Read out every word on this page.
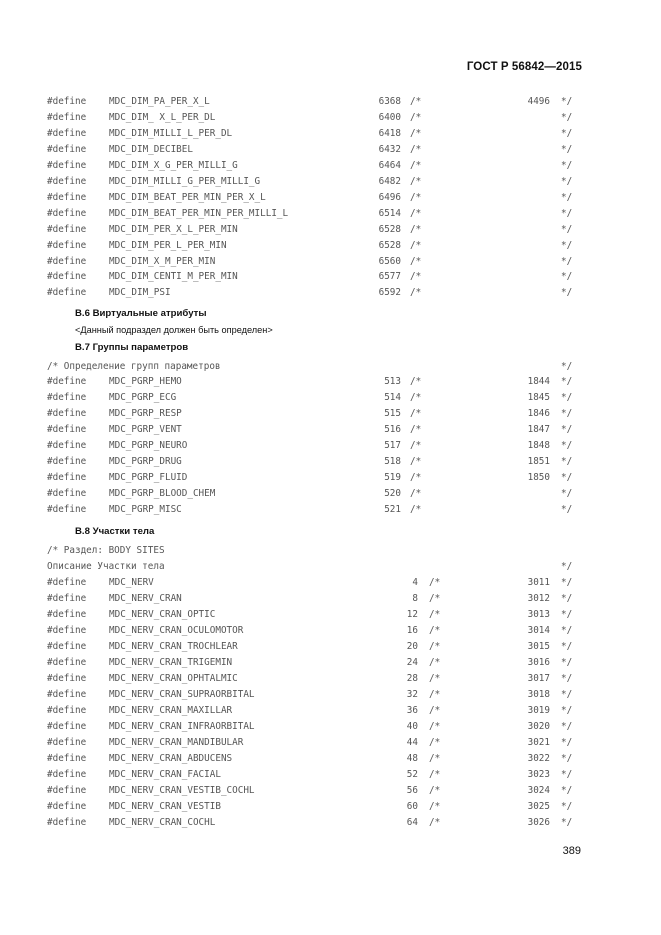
ГОСТ Р 56842—2015
#define MDC_DIM_PA_PER_X_L	6368 /*	4496 */
#define MDC_DIM_ X_L_PER_DL	6400 /*	*/
#define MDC_DIM_MILLI_L_PER_DL	6418 /*	*/
#define MDC_DIM_DECIBEL	6432 /*	*/
#define MDC_DIM_X_G_PER_MILLI_G	6464 /*	*/
#define MDC_DIM_MILLI_G_PER_MILLI_G	6482 /*	*/
#define MDC_DIM_BEAT_PER_MIN_PER_X_L	6496 /*	*/
#define MDC_DIM_BEAT_PER_MIN_PER_MILLI_L	6514 /*	*/
#define MDC_DIM_PER_X_L_PER_MIN	6528 /*	*/
#define MDC_DIM_PER_L_PER_MIN	6528 /*	*/
#define MDC_DIM_X_M_PER_MIN	6560 /*	*/
#define MDC_DIM_CENTI_M_PER_MIN	6577 /*	*/
#define MDC_DIM_PSI	6592 /*	*/
В.6 Виртуальные атрибуты
<Данный подраздел должен быть определен>
В.7 Группы параметров
/* Определение групп параметров	*/
#define MDC_PGRP_HEMO	513 /*	1844 */
#define MDC_PGRP_ECG	514 /*	1845 */
#define MDC_PGRP_RESP	515 /*	1846 */
#define MDC_PGRP_VENT	516 /*	1847 */
#define MDC_PGRP_NEURO	517 /*	1848 */
#define MDC_PGRP_DRUG	518 /*	1851 */
#define MDC_PGRP_FLUID	519 /*	1850 */
#define MDC_PGRP_BLOOD_CHEM	520 /*	*/
#define MDC_PGRP_MISC	521 /*	*/
В.8 Участки тела
/* Раздел: BODY SITES
Описание Участки тела	*/
#define MDC_NERV	4 /*	3011 */
#define MDC_NERV_CRAN	8 /*	3012 */
#define MDC_NERV_CRAN_OPTIC	12 /*	3013 */
#define MDC_NERV_CRAN_OCULOMOTOR	16 /*	3014 */
#define MDC_NERV_CRAN_TROCHLEAR	20 /*	3015 */
#define MDC_NERV_CRAN_TRIGEMIN	24 /*	3016 */
#define MDC_NERV_CRAN_OPHTALMIC	28 /*	3017 */
#define MDC_NERV_CRAN_SUPRAORBITAL	32 /*	3018 */
#define MDC_NERV_CRAN_MAXILLAR	36 /*	3019 */
#define MDC_NERV_CRAN_INFRAORBITAL	40 /*	3020 */
#define MDC_NERV_CRAN_MANDIBULAR	44 /*	3021 */
#define MDC_NERV_CRAN_ABDUCENS	48 /*	3022 */
#define MDC_NERV_CRAN_FACIAL	52 /*	3023 */
#define MDC_NERV_CRAN_VESTIB_COCHL	56 /*	3024 */
#define MDC_NERV_CRAN_VESTIB	60 /*	3025 */
#define MDC_NERV_CRAN_COCHL	64 /*	3026 */
389
